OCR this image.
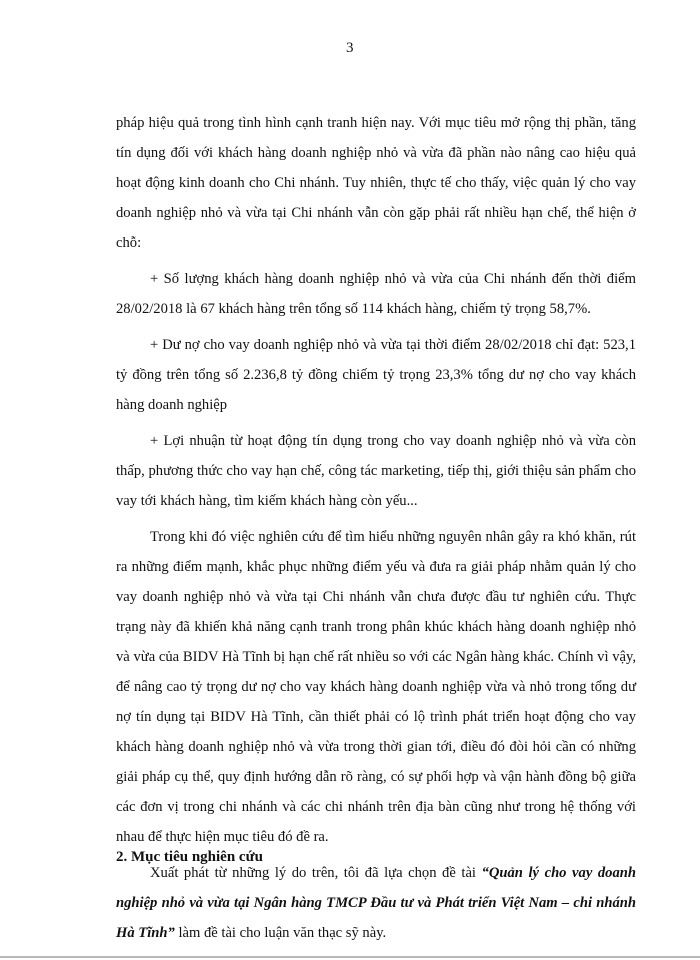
3

pháp hiệu quả trong tình hình cạnh tranh hiện nay. Với mục tiêu mở rộng thị phần, tăng tín dụng đối với khách hàng doanh nghiệp nhỏ và vừa đã phần nào nâng cao hiệu quả hoạt động kinh doanh cho Chi nhánh. Tuy nhiên, thực tế cho thấy, việc quản lý cho vay doanh nghiệp nhỏ và vừa tại Chi nhánh vẫn còn gặp phải rất nhiều hạn chế, thể hiện ở chỗ:

+ Số lượng khách hàng doanh nghiệp nhỏ và vừa của Chi nhánh đến thời điểm 28/02/2018 là 67 khách hàng trên tổng số 114 khách hàng, chiếm tỷ trọng 58,7%.

+ Dư nợ cho vay doanh nghiệp nhỏ và vừa tại thời điểm 28/02/2018 chỉ đạt: 523,1 tỷ đồng trên tổng số 2.236,8 tỷ đồng chiếm tỷ trọng 23,3% tổng dư nợ cho vay khách hàng doanh nghiệp

+ Lợi nhuận từ hoạt động tín dụng trong cho vay doanh nghiệp nhỏ và vừa còn thấp, phương thức cho vay hạn chế, công tác marketing, tiếp thị, giới thiệu sản phẩm cho vay tới khách hàng, tìm kiếm khách hàng còn yếu...

Trong khi đó việc nghiên cứu để tìm hiểu những nguyên nhân gây ra khó khăn, rút ra những điểm mạnh, khắc phục những điểm yếu và đưa ra giải pháp nhằm quản lý cho vay doanh nghiệp nhỏ và vừa tại Chi nhánh vẫn chưa được đầu tư nghiên cứu. Thực trạng này đã khiến khả năng cạnh tranh trong phân khúc khách hàng doanh nghiệp nhỏ và vừa của BIDV Hà Tĩnh bị hạn chế rất nhiều so với các Ngân hàng khác. Chính vì vậy, để nâng cao tỷ trọng dư nợ cho vay khách hàng doanh nghiệp vừa và nhỏ trong tổng dư nợ tín dụng tại BIDV Hà Tĩnh, cần thiết phải có lộ trình phát triển hoạt động cho vay khách hàng doanh nghiệp nhỏ và vừa trong thời gian tới, điều đó đòi hỏi cần có những giải pháp cụ thể, quy định hướng dẫn rõ ràng, có sự phối hợp và vận hành đồng bộ giữa các đơn vị trong chi nhánh và các chi nhánh trên địa bàn cũng như trong hệ thống với nhau để thực hiện mục tiêu đó đề ra.

Xuất phát từ những lý do trên, tôi đã lựa chọn đề tài “Quản lý cho vay doanh nghiệp nhỏ và vừa tại Ngân hàng TMCP Đầu tư và Phát triển Việt Nam – chi nhánh Hà Tĩnh” làm đề tài cho luận văn thạc sỹ này.

2. Mục tiêu nghiên cứu
